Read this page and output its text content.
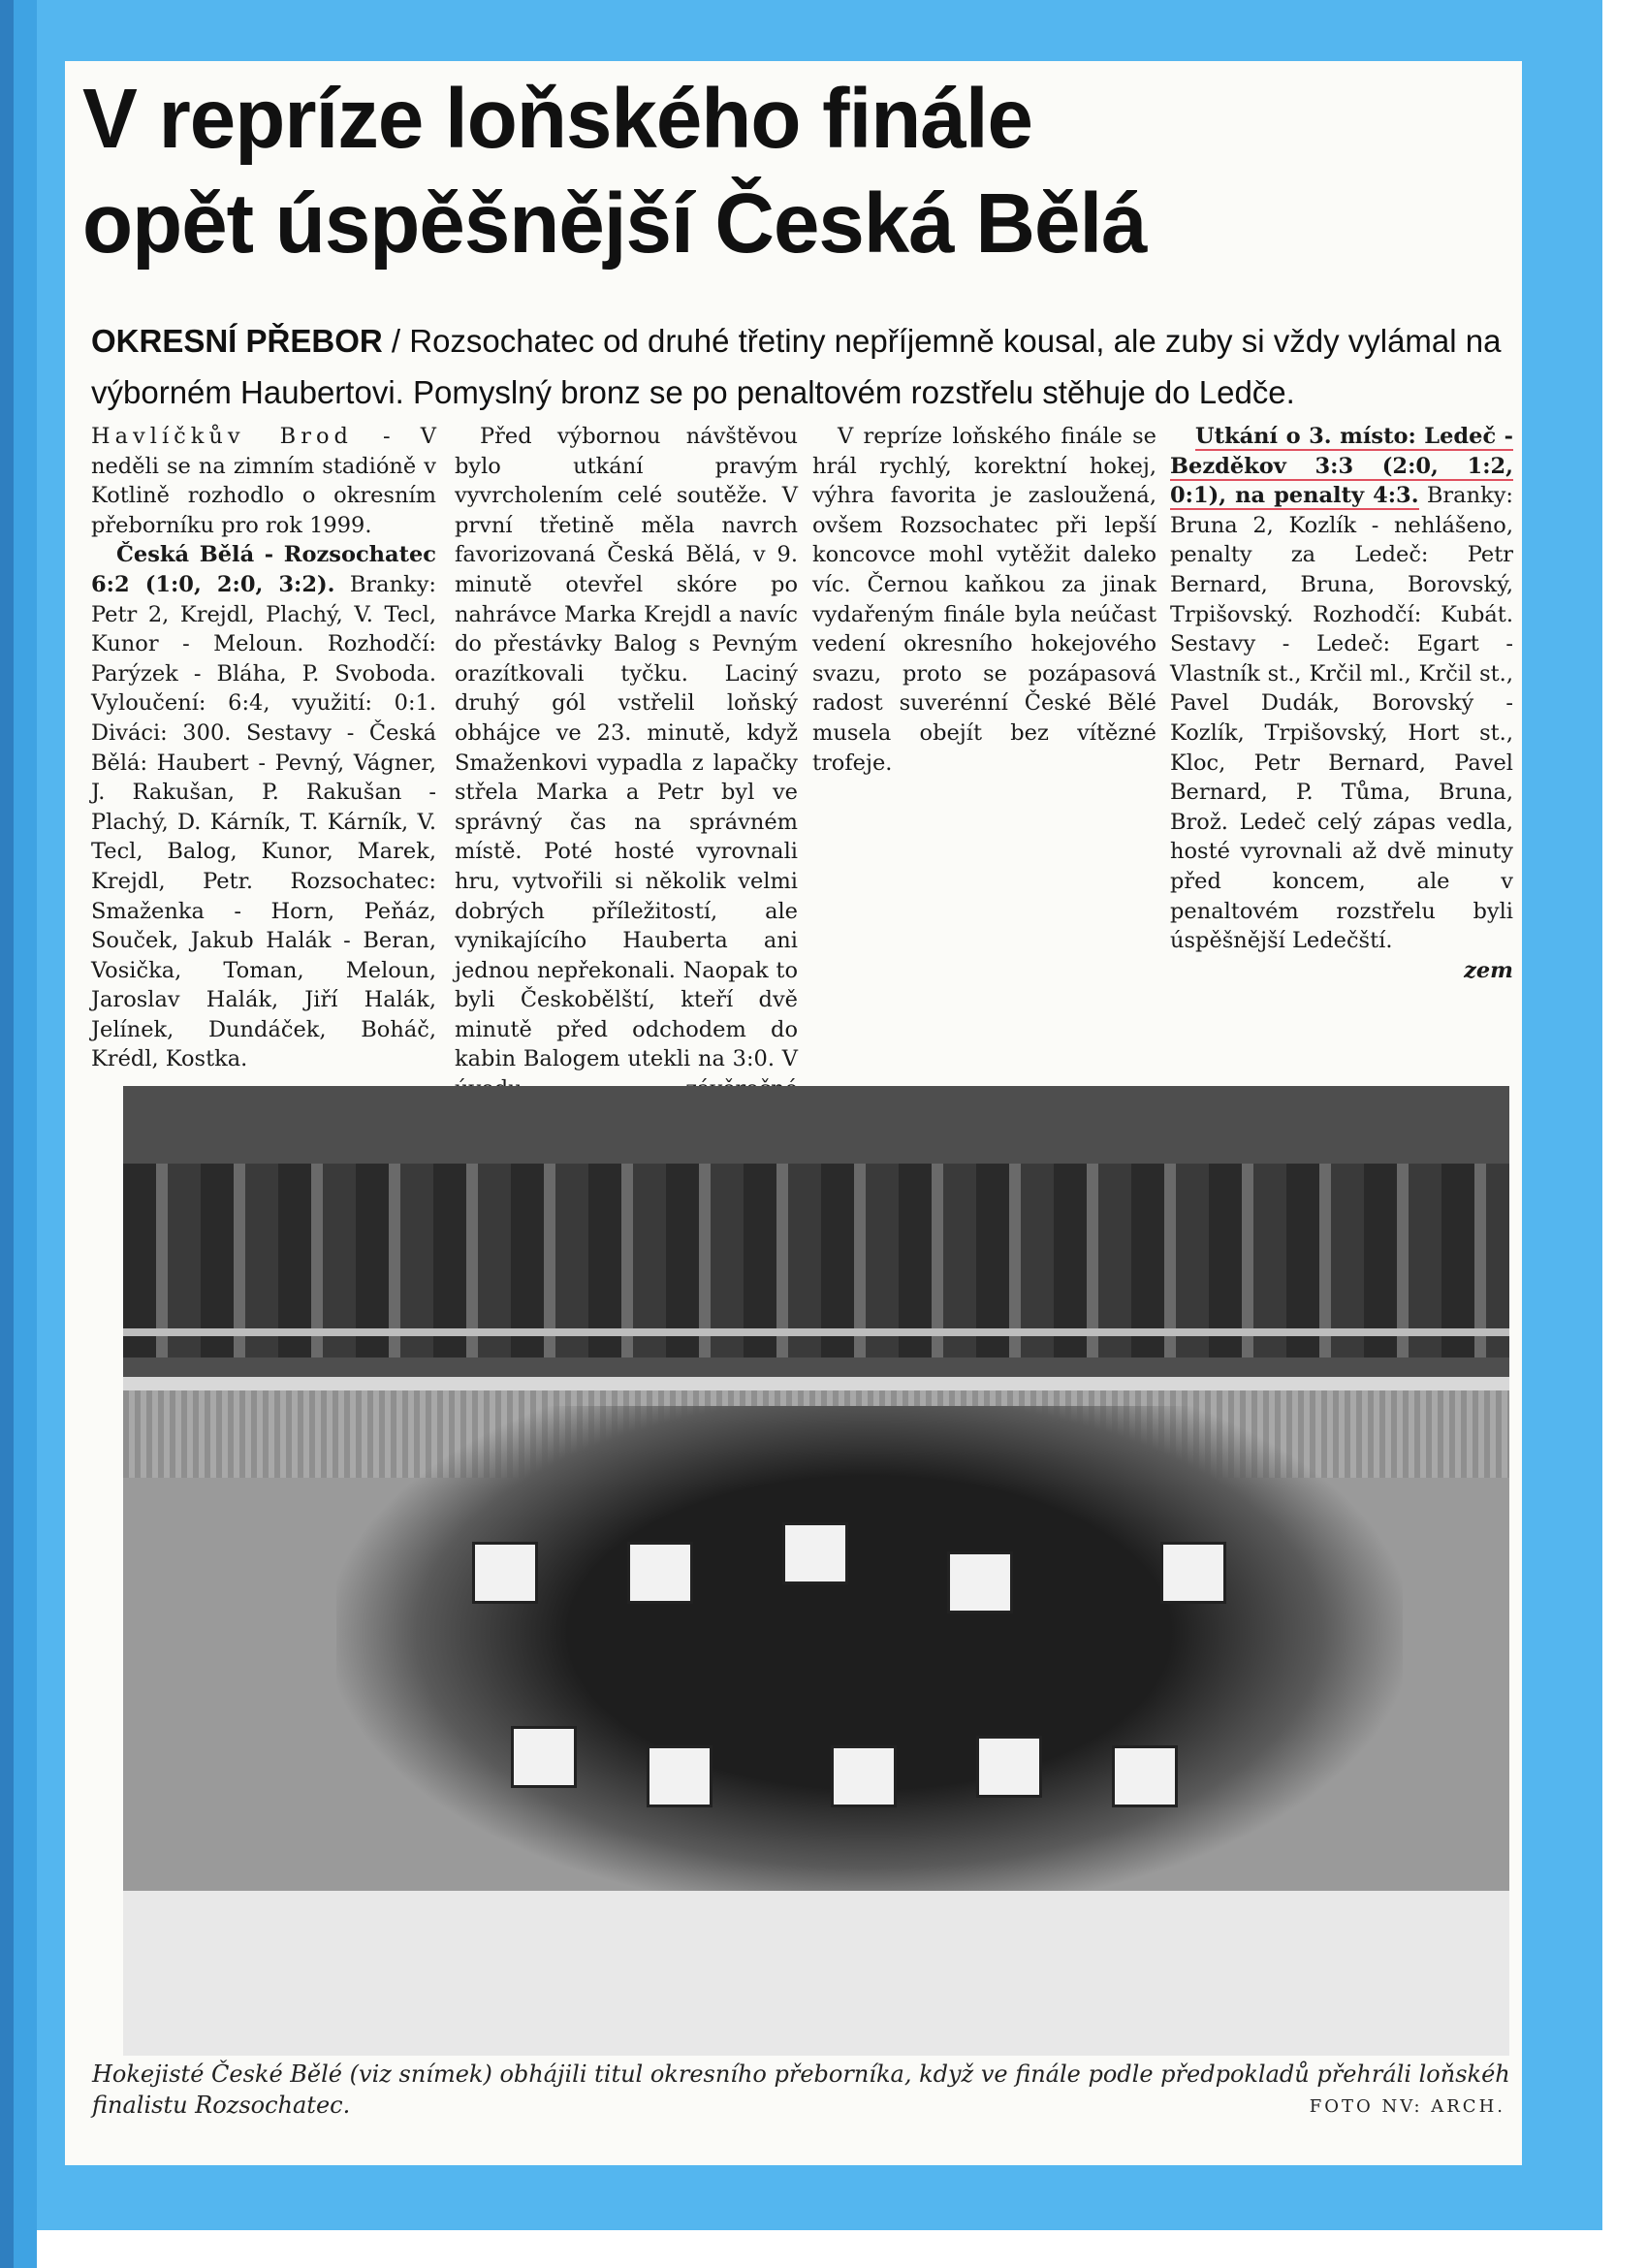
V repríze loňského finále
opět úspěšnější Česká Bělá
OKRESNÍ PŘEBOR / Rozsochatec od druhé třetiny nepříjemně kousal, ale zuby si vždy vylámal na výborném Haubertovi. Pomyslný bronz se po penaltovém rozstřelu stěhuje do Ledče.

Havlíčkův Brod - V neděli se na zimním stadióně v Kotlině rozhodlo o okresním přeborníku pro rok 1999.

Česká Bělá - Rozsochatec 6:2 (1:0, 2:0, 3:2). Branky: Petr 2, Krejdl, Plachý, V. Tecl, Kunor - Meloun. Rozhodčí: Parýzek - Bláha, P. Svoboda. Vyloučení: 6:4, využití: 0:1. Diváci: 300. Sestavy - Česká Bělá: Haubert - Pevný, Vágner, J. Rakušan, P. Rakušan - Plachý, D. Kárník, T. Kárník, V. Tecl, Balog, Kunor, Marek, Krejdl, Petr. Rozsochatec: Smaženka - Horn, Peňáz, Souček, Jakub Halák - Beran, Vosička, Toman, Meloun, Jaroslav Halák, Jiří Halák, Jelínek, Dundáček, Boháč, Krédl, Kostka.

Před výbornou návštěvou bylo utkání pravým vyvrcholením celé soutěže. V první třetině měla navrch favorizovaná Česká Bělá, v 9. minutě otevřel skóre po nahrávce Marka Krejdl a navíc do přestávky Balog s Pevným orazítkovali tyčku. Laciný druhý gól vstřelil loňský obhájce ve 23. minutě, když Smaženkovi vypadla z lapačky střela Marka a Petr byl ve správný čas na správném místě. Poté hosté vyrovnali hru, vytvořili si několik velmi dobrých příležitostí, ale vynikajícího Hauberta ani jednou nepřekonali. Naopak to byli Českobělští, kteří dvě minutě před odchodem do kabin Balogem utekli na 3:0. V

V repríze loňského finále se hrál rychlý, korektní hokej, výhra favorita je zasloužená, ovšem Rozsochatec při lepší koncovce mohl vytěžit daleko víc. Černou kaňkou za jinak vydařeným finále byla neúčast vedení okresního hokejového svazu, proto se pozápasová radost suverénní České Bělé musela obejít bez vítězné trofeje.

Utkání o 3. místo: Ledeč - Bezděkov 3:3 (2:0, 1:2, 0:1), na penalty 4:3. Branky: Bruna 2, Kozlík - nehlášeno, penalty za Ledeč: Petr Bernard, Bruna, Borovský, Trpišovský. Rozhodčí: Kubát. Sestavy - Ledeč: Egart - Vlastník st., Krčil ml., Krčil st., Pavel Dudák, Borovský - Kozlík, Trpišovský, Hort st., Kloc, Petr Bernard, Pavel Bernard, P. Tůma, Bruna, Brož. Ledeč celý zápas vedla, hosté vyrovnali až dvě minuty před koncem, ale v penaltovém rozstřelu byli úspěšnější Ledečští.

zem

Hokejisté České Bělé (viz snímek) obhájili titul okresního přeborníka, když ve finále podle předpokladů přehráli loňskéh finalistu Rozsochatec.	FOTO NV: ARCH.
